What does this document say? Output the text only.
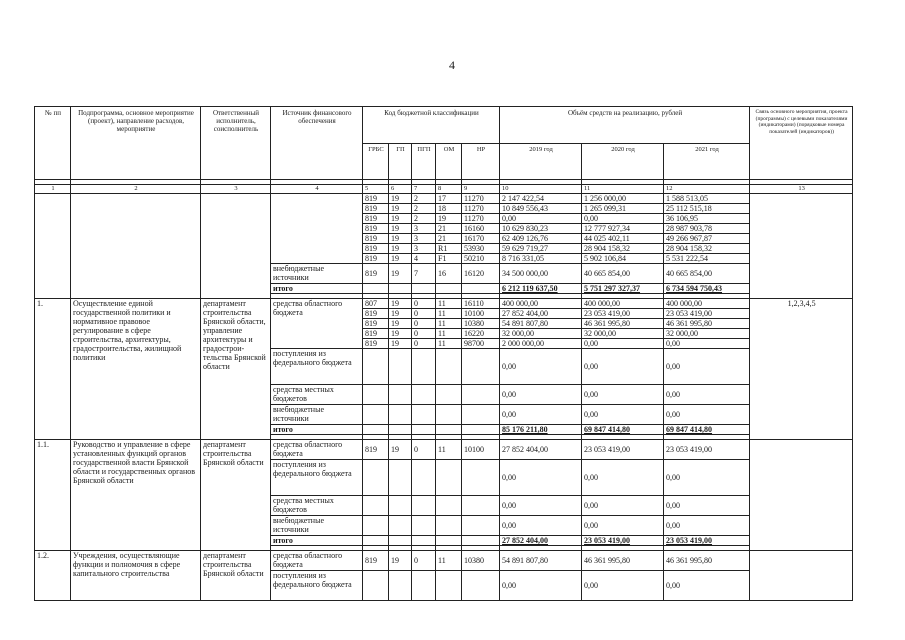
4
№ пп	Подпрограмма, основное мероприятие (проект), направление расходов, мероприятие	Ответственный исполнитель, соисполнитель	Источник финансового обеспечения	Код бюджетной классификации					Объём средств на реализацию, рублей			Связь основного мероприятия, проекта (программы) с целевыми показателями (индикаторами) (порядковые номера показателей (индикаторов))
				ГРБС	ГП	ПГП	ОМ	НР	2019 год	2020 год	2021 год	

1	2	3	4	5	6	7	8	9	10	11	12	13
				819	19	2	17	11270	2 147 422,54	1 256 000,00	1 588 513,05	
				819	19	2	18	11270	10 849 556,43	1 265 099,31	25 112 515,18	
				819	19	2	19	11270	0,00	0,00	36 106,95	
				819	19	3	21	16160	10 629 830,23	12 777 927,34	28 987 903,78	
				819	19	3	21	16170	62 409 126,76	44 025 402,11	49 266 967,87	
				819	19	3	R1	53930	59 629 719,27	28 904 158,32	28 904 158,32	
				819	19	4	F1	50210	8 716 331,05	5 902 106,84	5 531 222,54	
			внебюджетные источники	819	19	7	16	16120	34 500 000,00	40 665 854,00	40 665 854,00	
			итого						6 212 119 637,50	5 751 297 327,37	6 734 594 750,43	

1.	Осуществление единой государственной политики и нормативное правовое регулирование в сфере строительства, архитектуры, градостроительства, жилищной политики	департамент строительства Брянской области, управление архитектуры и градострои-тельства Брянской области	средства областного бюджета	807	19	0	11	16110	400 000,00	400 000,00	400 000,00	1,2,3,4,5
				819	19	0	11	10100	27 852 404,00	23 053 419,00	23 053 419,00	
				819	19	0	11	10380	54 891 807,80	46 361 995,80	46 361 995,80	
				819	19	0	11	16220	32 000,00	32 000,00	32 000,00	
				819	19	0	11	98700	2 000 000,00	0,00	0,00	
			поступления из федерального бюджета						0,00	0,00	0,00	
			средства местных бюджетов						0,00	0,00	0,00	
			внебюджетные источники						0,00	0,00	0,00	
			итого						85 176 211,80	69 847 414,80	69 847 414,80	

1.1.	Руководство и управление в сфере установленных функций органов государственной власти Брянской области и государственных органов Брянской области	департамент строительства Брянской области	средства областного бюджета	819	19	0	11	10100	27 852 404,00	23 053 419,00	23 053 419,00	
			поступления из федерального бюджета						0,00	0,00	0,00	
			средства местных бюджетов						0,00	0,00	0,00	
			внебюджетные источники						0,00	0,00	0,00	
			итого						27 852 404,00	23 053 419,00	23 053 419,00	

1.2.	Учреждения, осуществляющие функции и полномочия в сфере капитального строительства	департамент строительства Брянской области	средства областного бюджета	819	19	0	11	10380	54 891 807,80	46 361 995,80	46 361 995,80	
			поступления из федерального бюджета						0,00	0,00	0,00	
